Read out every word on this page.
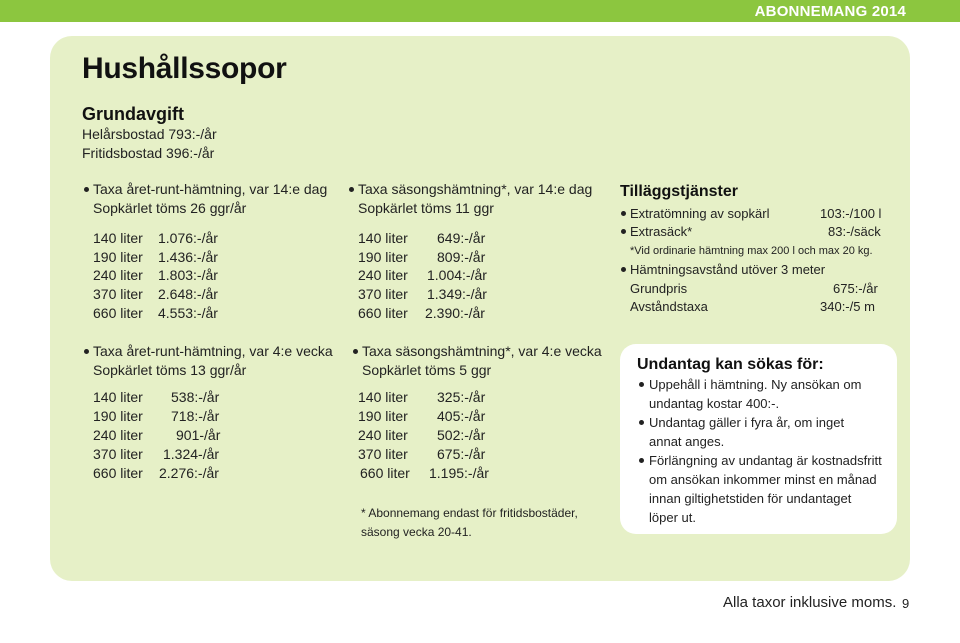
ABONNEMANG 2014
Hushållssopor
Grundavgift
Helårsbostad 793:-/år
Fritidsbostad 396:-/år
Taxa året-runt-hämtning, var 14:e dag
Sopkärlet töms 26 ggr/år
140 liter 1.076:-/år
190 liter 1.436:-/år
240 liter 1.803:-/år
370 liter 2.648:-/år
660 liter 4.553:-/år
Taxa året-runt-hämtning, var 4:e vecka
Sopkärlet töms 13 ggr/år
140 liter 538:-/år
190 liter 718:-/år
240 liter 901-/år
370 liter 1.324-/år
660 liter 2.276:-/år
Taxa säsongshämtning*, var 14:e dag
Sopkärlet töms 11 ggr
140 liter 649:-/år
190 liter 809:-/år
240 liter 1.004:-/år
370 liter 1.349:-/år
660 liter 2.390:-/år
Taxa säsongshämtning*, var 4:e vecka
Sopkärlet töms 5 ggr
140 liter 325:-/år
190 liter 405:-/år
240 liter 502:-/år
370 liter 675:-/år
660 liter 1.195:-/år
* Abonnemang endast för fritidsbostäder,
säsong vecka 20-41.
Tilläggstjänster
Extratömning av sopkärl	103:-/100 l
Extrasäck*	83:-/säck
*Vid ordinarie hämtning max 200 l och max 20 kg.
Hämtningsavstånd utöver 3 meter
Grundpris	675:-/år
Avståndstaxa	340:-/5 m
Undantag kan sökas för:
Uppehåll i hämtning. Ny ansökan om
undantag kostar 400:-.
Undantag gäller i fyra år, om inget
annat anges.
Förlängning av undantag är kostnadsfritt
om ansökan inkommer minst en månad
innan giltighetstiden för undantaget
löper ut.
Alla taxor inklusive moms. 9
